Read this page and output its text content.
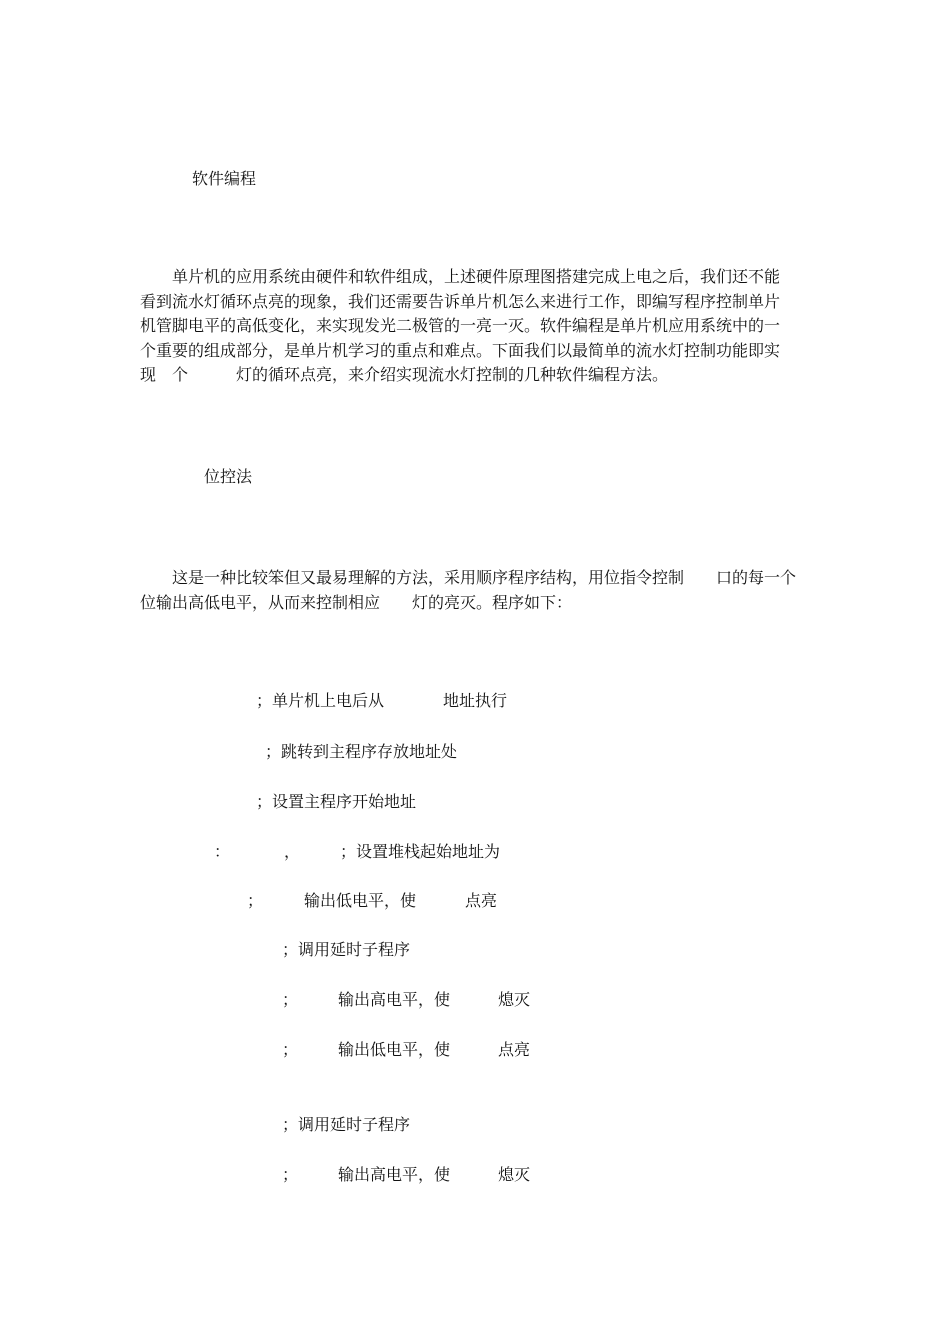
软件编程
　　单片机的应用系统由硬件和软件组成，上述硬件原理图搭建完成上电之后，我们还不能
看到流水灯循环点亮的现象，我们还需要告诉单片机怎么来进行工作，即编写程序控制单片
机管脚电平的高低变化，来实现发光二极管的一亮一灭。软件编程是单片机应用系统中的一
个重要的组成部分，是单片机学习的重点和难点。下面我们以最简单的流水灯控制功能即实
现　个　　　灯的循环点亮，来介绍实现流水灯控制的几种软件编程方法。
位控法
　　这是一种比较笨但又最易理解的方法，采用顺序程序结构，用位指令控制　　口的每一个
位输出高低电平，从而来控制相应　　灯的亮灭。程序如下：
；单片机上电后从	地址执行
；跳转到主程序存放地址处
；设置主程序开始地址
：	， ；设置堆栈起始地址为
；	输出低电平，使	点亮
；调用延时子程序
； 输出高电平，使	熄灭
； 输出低电平，使	点亮
；调用延时子程序
； 输出高电平，使	熄灭
